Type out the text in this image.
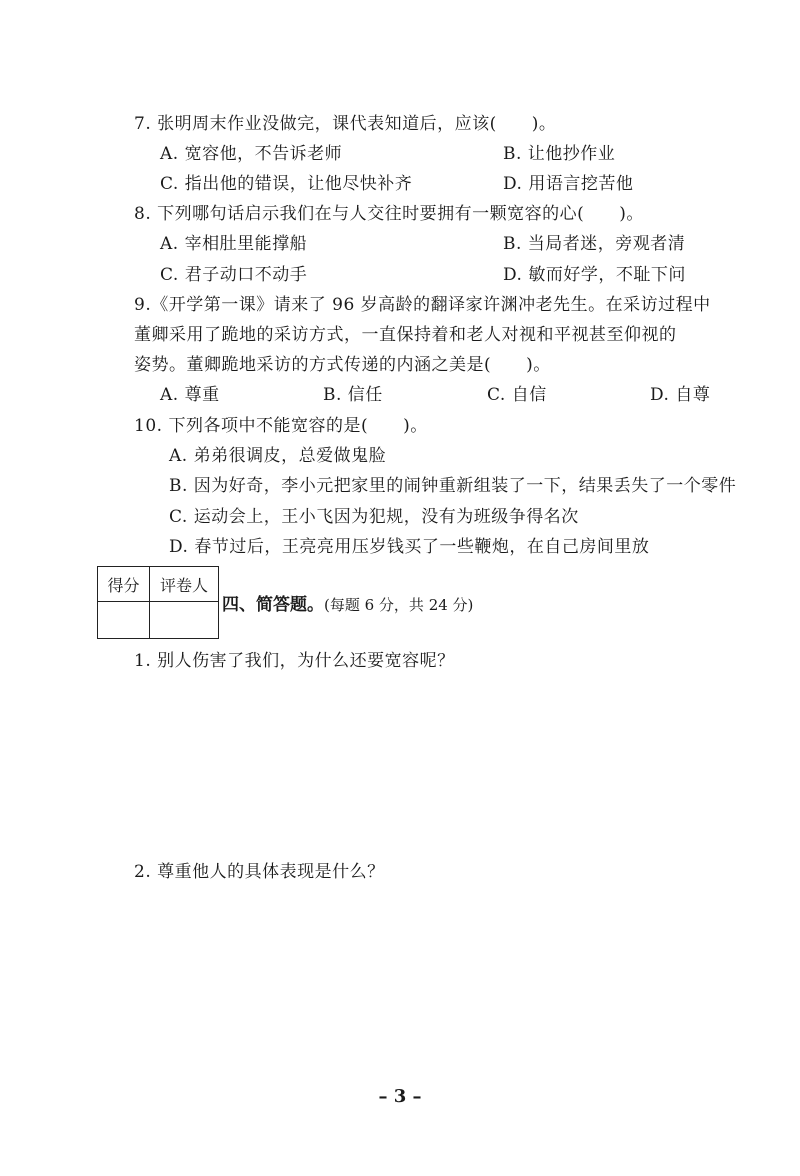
7. 张明周末作业没做完，课代表知道后，应该(　　)。
A. 宽容他，不告诉老师	B. 让他抄作业
C. 指出他的错误，让他尽快补齐	D. 用语言挖苦他
8. 下列哪句话启示我们在与人交往时要拥有一颗宽容的心(　　)。
A. 宰相肚里能撑船	B. 当局者迷，旁观者清
C. 君子动口不动手	D. 敏而好学，不耻下问
9.《开学第一课》请来了 96 岁高龄的翻译家许渊冲老先生。在采访过程中
董卿采用了跪地的采访方式，一直保持着和老人对视和平视甚至仰视的
姿势。董卿跪地采访的方式传递的内涵之美是(　　)。
A. 尊重	B. 信任	C. 自信	D. 自尊
10. 下列各项中不能宽容的是(　　)。
A. 弟弟很调皮，总爱做鬼脸
B. 因为好奇，李小元把家里的闹钟重新组装了一下，结果丢失了一个零件
C. 运动会上，王小飞因为犯规，没有为班级争得名次
D. 春节过后，王亮亮用压岁钱买了一些鞭炮，在自己房间里放
得分	评卷人

四、简答题。(每题 6 分，共 24 分)
1. 别人伤害了我们，为什么还要宽容呢？
2. 尊重他人的具体表现是什么？
– 3 –
